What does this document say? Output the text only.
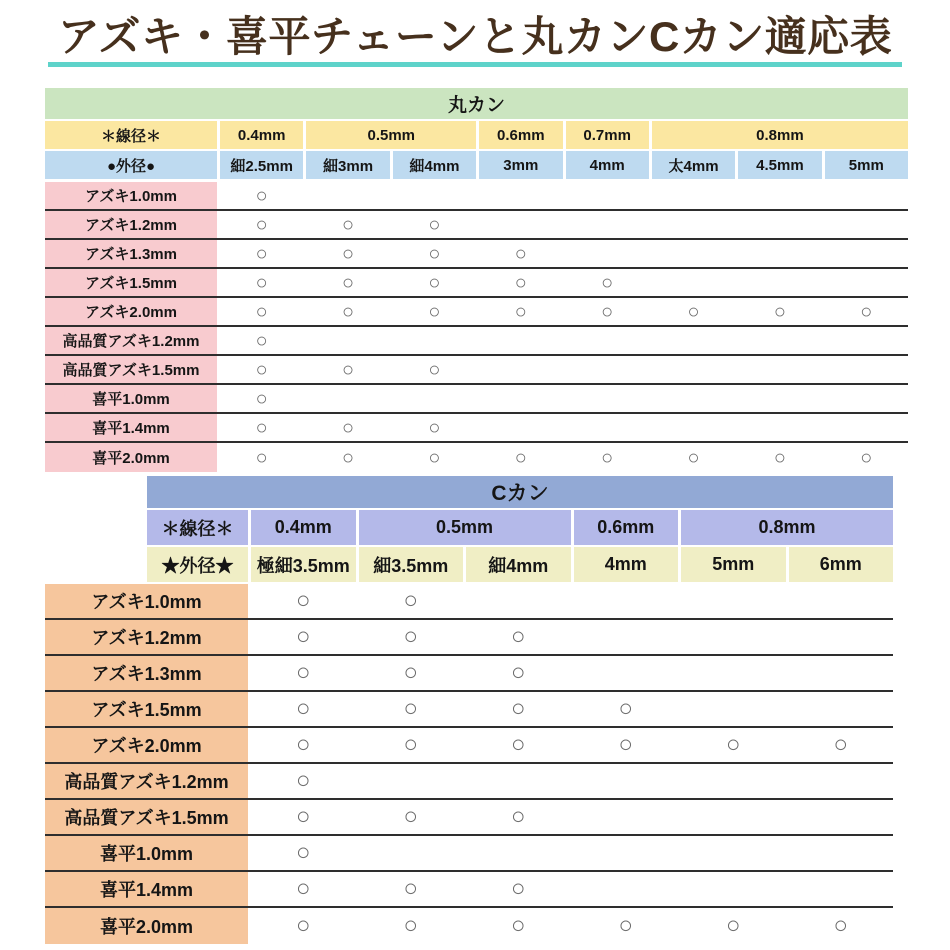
アズキ・喜平チェーンと丸カンCカン適応表
丸カン
＊線径＊	0.4mm	0.5mm	0.6mm	0.7mm	0.8mm
●外径●	細2.5mm	細3mm	細4mm	3mm	4mm	太4mm	4.5mm	5mm
アズキ1.0mm	○
アズキ1.2mm	○	○	○
アズキ1.3mm	○	○	○	○
アズキ1.5mm	○	○	○	○	○
アズキ2.0mm	○	○	○	○	○	○	○	○
高品質アズキ1.2mm	○
高品質アズキ1.5mm	○	○	○
喜平1.0mm	○
喜平1.4mm	○	○	○
喜平2.0mm	○	○	○	○	○	○	○	○
Cカン
＊線径＊	0.4mm	0.5mm	0.6mm	0.8mm
★外径★	極細3.5mm	細3.5mm	細4mm	4mm	5mm	6mm
アズキ1.0mm	○	○
アズキ1.2mm	○	○	○
アズキ1.3mm	○	○	○
アズキ1.5mm	○	○	○	○
アズキ2.0mm	○	○	○	○	○	○
高品質アズキ1.2mm	○
高品質アズキ1.5mm	○	○	○
喜平1.0mm	○
喜平1.4mm	○	○	○
喜平2.0mm	○	○	○	○	○	○
